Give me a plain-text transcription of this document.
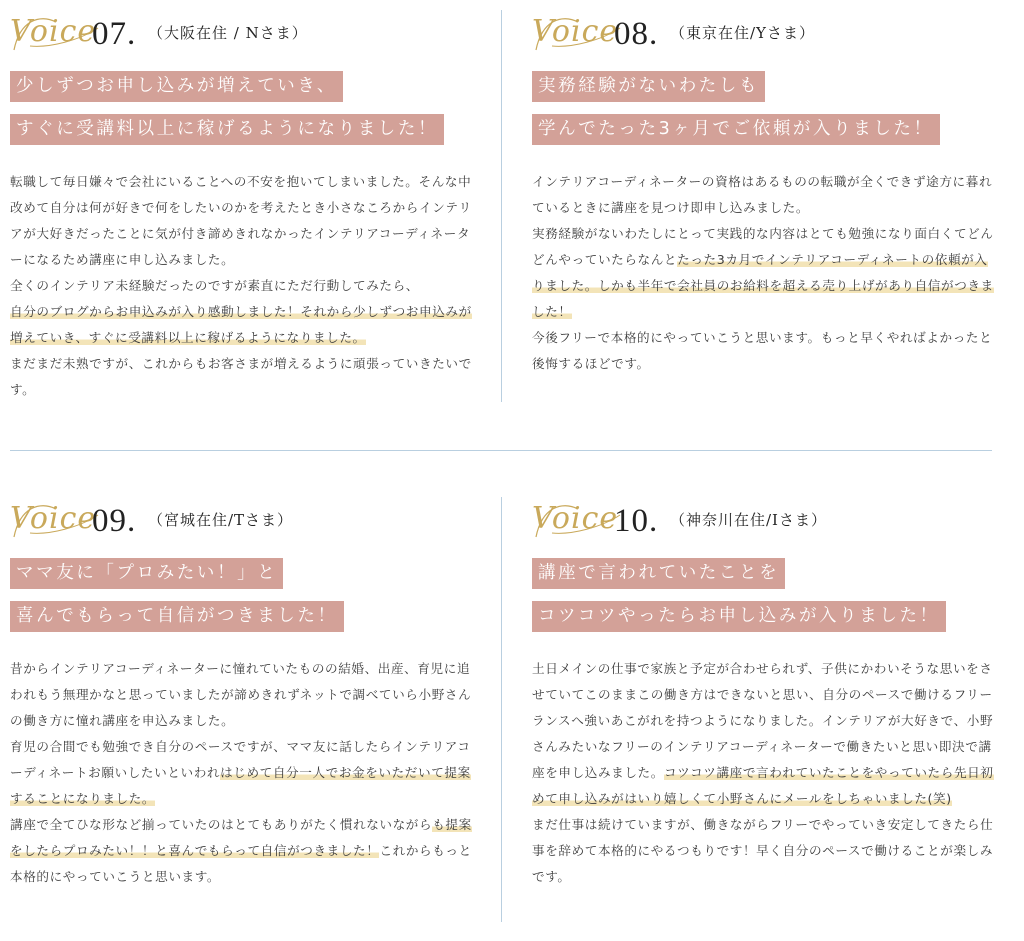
Voice
07. （大阪在住 / Nさま）
少しずつお申し込みが増えていき、
すぐに受講料以上に稼げるようになりました！
転職して毎日嫌々で会社にいることへの不安を抱いてしまいました。そんな中改めて自分は何が好きで何をしたいのかを考えたとき小さなころからインテリアが大好きだったことに気が付き諦めきれなかったインテリアコーディネーターになるため講座に申し込みました。
全くのインテリア未経験だったのですが素直にただ行動してみたら、
自分のブログからお申込みが入り感動しました！それから少しずつお申込みが増えていき、すぐに受講料以上に稼げるようになりました。
まだまだ未熟ですが、これからもお客さまが増えるように頑張っていきたいです。
Voice
08. （東京在住/Yさま）
実務経験がないわたしも
学んでたった3ヶ月でご依頼が入りました！
インテリアコーディネーターの資格はあるものの転職が全くできず途方に暮れているときに講座を見つけ即申し込みました。
実務経験がないわたしにとって実践的な内容はとても勉強になり面白くてどんどんやっていたらなんとたった3カ月でインテリアコーディネートの依頼が入りました。しかも半年で会社員のお給料を超える売り上げがあり自信がつきました！
今後フリーで本格的にやっていこうと思います。もっと早くやればよかったと後悔するほどです。
Voice
09. （宮城在住/Tさま）
ママ友に「プロみたい！」と
喜んでもらって自信がつきました！
昔からインテリアコーディネーターに憧れていたものの結婚、出産、育児に追われもう無理かなと思っていましたが諦めきれずネットで調べていら小野さんの働き方に憧れ講座を申込みました。
育児の合間でも勉強でき自分のペースですが、ママ友に話したらインテリアコーディネートお願いしたいといわれはじめて自分一人でお金をいただいて提案することになりました。
講座で全てひな形など揃っていたのはとてもありがたく慣れないながらも提案をしたらプロみたい！！と喜んでもらって自信がつきました！これからもっと本格的にやっていこうと思います。
Voice
10. （神奈川在住/Iさま）
講座で言われていたことを
コツコツやったらお申し込みが入りました！
土日メインの仕事で家族と予定が合わせられず、子供にかわいそうな思いをさせていてこのままこの働き方はできないと思い、自分のペースで働けるフリーランスへ強いあこがれを持つようになりました。インテリアが大好きで、小野さんみたいなフリーのインテリアコーディネーターで働きたいと思い即決で講座を申し込みました。コツコツ講座で言われていたことをやっていたら先日初めて申し込みがはいり嬉しくて小野さんにメールをしちゃいました(笑)
まだ仕事は続けていますが、働きながらフリーでやっていき安定してきたら仕事を辞めて本格的にやるつもりです！早く自分のペースで働けることが楽しみです。
